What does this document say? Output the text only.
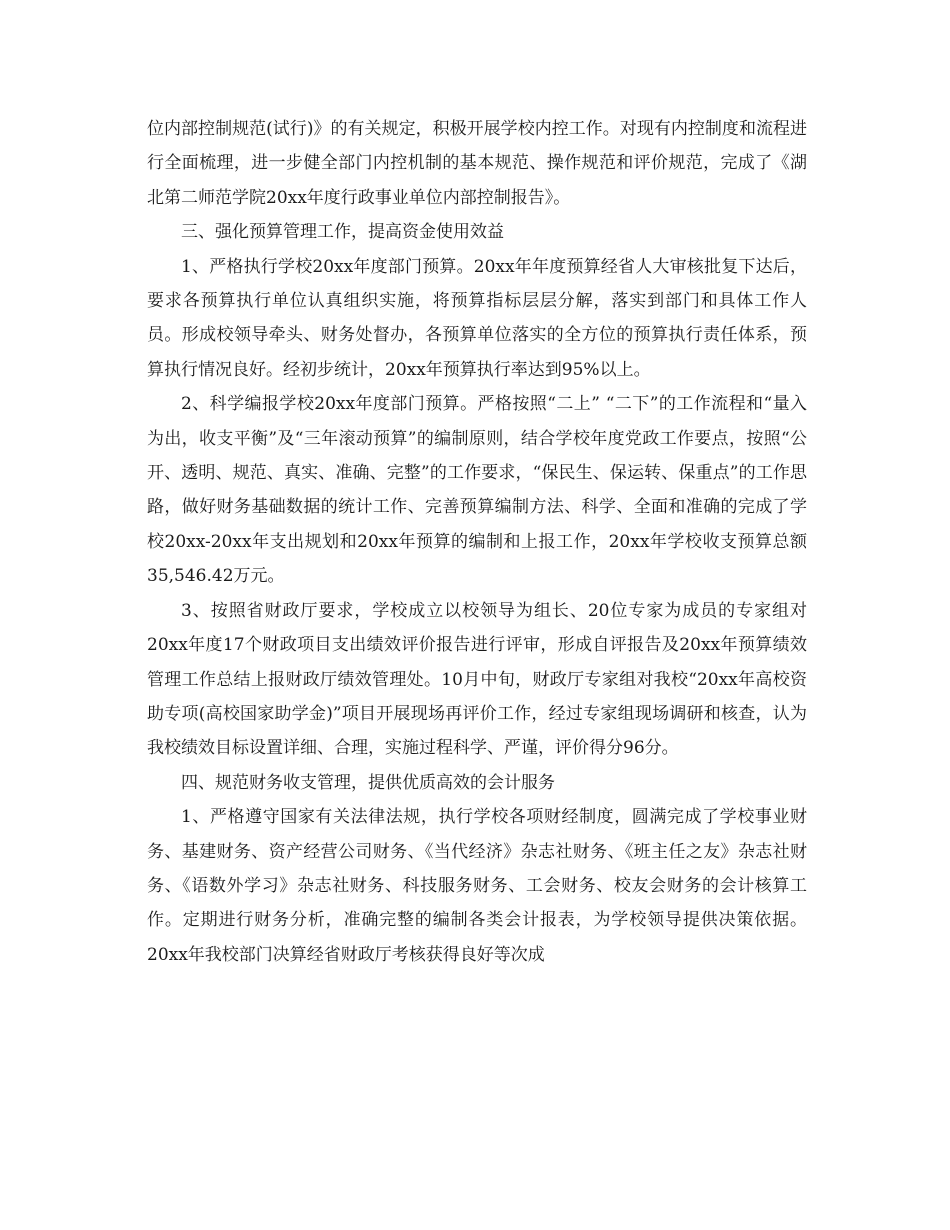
位内部控制规范(试行)》的有关规定，积极开展学校内控工作。对现有内控制度和流程进行全面梳理，进一步健全部门内控机制的基本规范、操作规范和评价规范，完成了《湖北第二师范学院20xx年度行政事业单位内部控制报告》。

三、强化预算管理工作，提高资金使用效益

1、严格执行学校20xx年度部门预算。20xx年年度预算经省人大审核批复下达后，要求各预算执行单位认真组织实施，将预算指标层层分解，落实到部门和具体工作人员。形成校领导牵头、财务处督办，各预算单位落实的全方位的预算执行责任体系，预算执行情况良好。经初步统计，20xx年预算执行率达到95%以上。

2、科学编报学校20xx年度部门预算。严格按照“二上” “二下”的工作流程和“量入为出，收支平衡”及“三年滚动预算”的编制原则，结合学校年度党政工作要点，按照“公开、透明、规范、真实、准确、完整”的工作要求，“保民生、保运转、保重点”的工作思路，做好财务基础数据的统计工作、完善预算编制方法、科学、全面和准确的完成了学校20xx-20xx年支出规划和20xx年预算的编制和上报工作，20xx年学校收支预算总额35,546.42万元。

3、按照省财政厅要求，学校成立以校领导为组长、20位专家为成员的专家组对20xx年度17个财政项目支出绩效评价报告进行评审，形成自评报告及20xx年预算绩效管理工作总结上报财政厅绩效管理处。10月中旬，财政厅专家组对我校“20xx年高校资助专项(高校国家助学金)”项目开展现场再评价工作，经过专家组现场调研和核查，认为我校绩效目标设置详细、合理，实施过程科学、严谨，评价得分96分。

四、规范财务收支管理，提供优质高效的会计服务

1、严格遵守国家有关法律法规，执行学校各项财经制度，圆满完成了学校事业财务、基建财务、资产经营公司财务、《当代经济》杂志社财务、《班主任之友》杂志社财务、《语数外学习》杂志社财务、科技服务财务、工会财务、校友会财务的会计核算工作。定期进行财务分析，准确完整的编制各类会计报表，为学校领导提供决策依据。20xx年我校部门决算经省财政厅考核获得良好等次成
